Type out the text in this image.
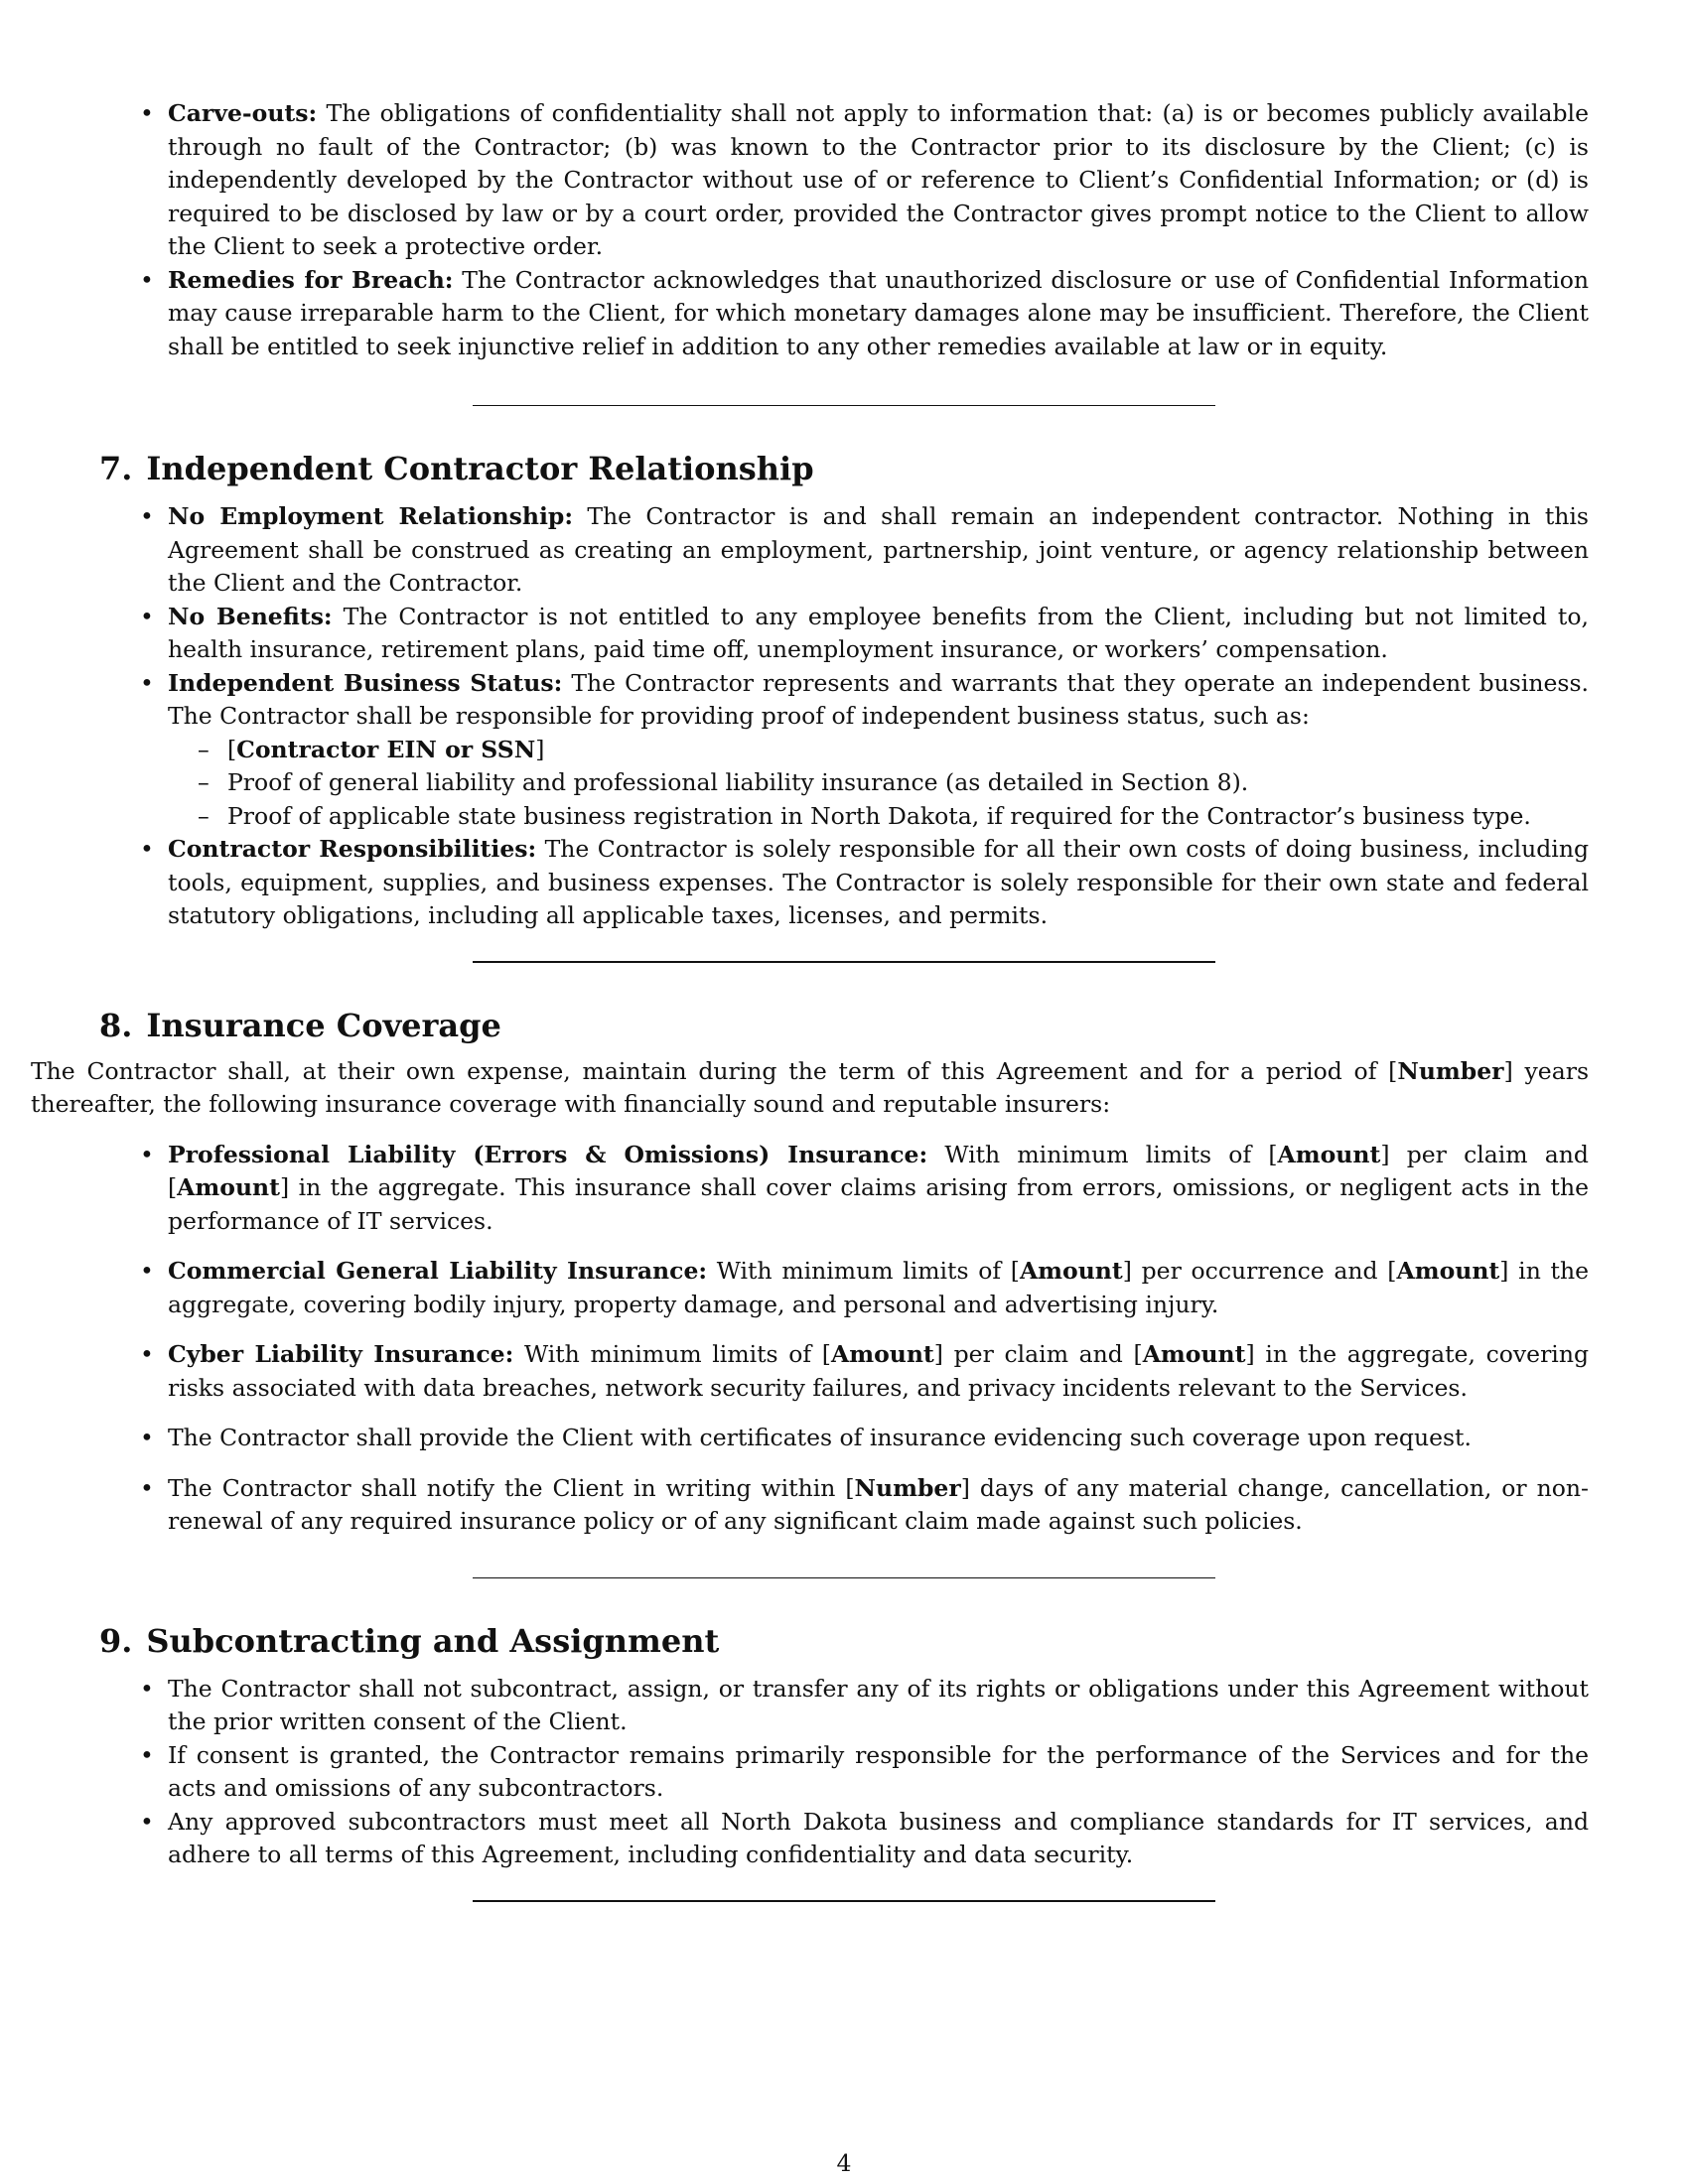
• Carve-outs: The obligations of confidentiality shall not apply to information that: (a) is or becomes publicly available through no fault of the Contractor; (b) was known to the Contractor prior to its disclosure by the Client; (c) is independently developed by the Contractor without use of or reference to Client’s Confidential Information; or (d) is required to be disclosed by law or by a court order, provided the Contractor gives prompt notice to the Client to allow the Client to seek a protective order.
• Remedies for Breach: The Contractor acknowledges that unauthorized disclosure or use of Confidential Information may cause irreparable harm to the Client, for which monetary damages alone may be insufficient. Therefore, the Client shall be entitled to seek injunctive relief in addition to any other remedies available at law or in equity.
7. Independent Contractor Relationship
• No Employment Relationship: The Contractor is and shall remain an independent contractor. Nothing in this Agreement shall be construed as creating an employment, partnership, joint venture, or agency relationship between the Client and the Contractor.
• No Benefits: The Contractor is not entitled to any employee benefits from the Client, including but not limited to, health insurance, retirement plans, paid time off, unemployment insurance, or workers’ compensation.
• Independent Business Status: The Contractor represents and warrants that they operate an independent business. The Contractor shall be responsible for providing proof of independent business status, such as:
– [Contractor EIN or SSN]
– Proof of general liability and professional liability insurance (as detailed in Section 8).
– Proof of applicable state business registration in North Dakota, if required for the Contractor’s business type.
• Contractor Responsibilities: The Contractor is solely responsible for all their own costs of doing business, including tools, equipment, supplies, and business expenses. The Contractor is solely responsible for their own state and federal statutory obligations, including all applicable taxes, licenses, and permits.
8. Insurance Coverage

The Contractor shall, at their own expense, maintain during the term of this Agreement and for a period of [Number] years thereafter, the following insurance coverage with financially sound and reputable insurers:

• Professional Liability (Errors & Omissions) Insurance: With minimum limits of [Amount] per claim and [Amount] in the aggregate. This insurance shall cover claims arising from errors, omissions, or negligent acts in the performance of IT services.
• Commercial General Liability Insurance: With minimum limits of [Amount] per occurrence and [Amount] in the aggregate, covering bodily injury, property damage, and personal and advertising injury.
• Cyber Liability Insurance: With minimum limits of [Amount] per claim and [Amount] in the aggregate, covering risks associated with data breaches, network security failures, and privacy incidents relevant to the Services.
• The Contractor shall provide the Client with certificates of insurance evidencing such coverage upon request.
• The Contractor shall notify the Client in writing within [Number] days of any material change, cancellation, or non-renewal of any required insurance policy or of any significant claim made against such policies.
9. Subcontracting and Assignment
• The Contractor shall not subcontract, assign, or transfer any of its rights or obligations under this Agreement without the prior written consent of the Client.
• If consent is granted, the Contractor remains primarily responsible for the performance of the Services and for the acts and omissions of any subcontractors.
• Any approved subcontractors must meet all North Dakota business and compliance standards for IT services, and adhere to all terms of this Agreement, including confidentiality and data security.
4
